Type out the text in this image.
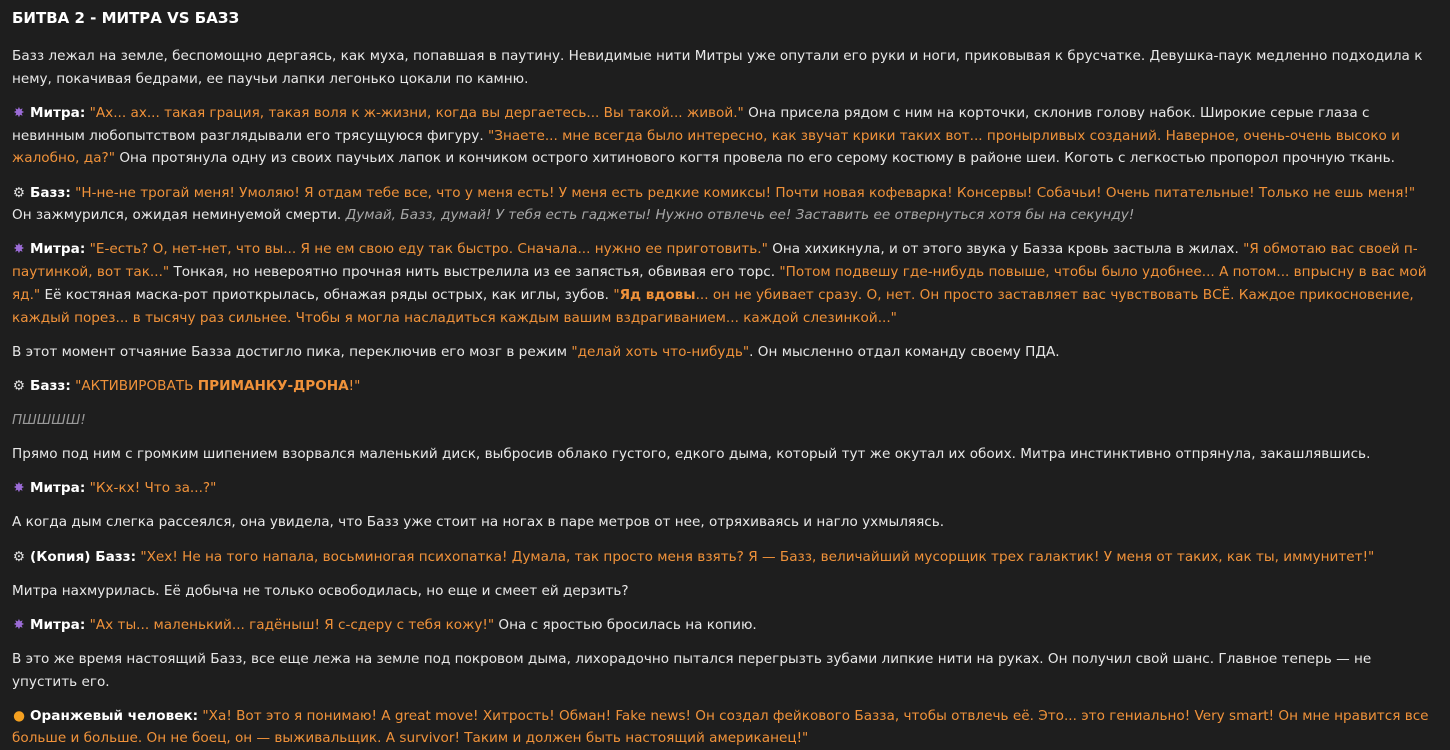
БИТВА 2 - МИТРА VS БАЗЗ

Базз лежал на земле, беспомощно дергаясь, как муха, попавшая в паутину. Невидимые нити Митры уже опутали его руки и ноги, приковывая к брусчатке. Девушка-паук медленно подходила к нему, покачивая бедрами, ее паучьи лапки легонько цокали по камню.

✸ Митра: "Ах... ах... такая грация, такая воля к ж-жизни, когда вы дергаетесь... Вы такой... живой." Она присела рядом с ним на корточки, склонив голову набок. Широкие серые глаза с невинным любопытством разглядывали его трясущуюся фигуру. "Знаете... мне всегда было интересно, как звучат крики таких вот... пронырливых созданий. Наверное, очень-очень высоко и жалобно, да?" Она протянула одну из своих паучьих лапок и кончиком острого хитинового когтя провела по его серому костюму в районе шеи. Коготь с легкостью пропорол прочную ткань.

⚙ Базз: "Н-не-не трогай меня! Умоляю! Я отдам тебе все, что у меня есть! У меня есть редкие комиксы! Почти новая кофеварка! Консервы! Собачьи! Очень питательные! Только не ешь меня!" Он зажмурился, ожидая неминуемой смерти. Думай, Базз, думай! У тебя есть гаджеты! Нужно отвлечь ее! Заставить ее отвернуться хотя бы на секунду!

✸ Митра: "Е-есть? О, нет-нет, что вы... Я не ем свою еду так быстро. Сначала... нужно ее приготовить." Она хихикнула, и от этого звука у Базза кровь застыла в жилах. "Я обмотаю вас своей п-паутинкой, вот так..." Тонкая, но невероятно прочная нить выстрелила из ее запястья, обвивая его торс. "Потом подвешу где-нибудь повыше, чтобы было удобнее... А потом... впрысну в вас мой яд." Её костяная маска-рот приоткрылась, обнажая ряды острых, как иглы, зубов. "Яд вдовы... он не убивает сразу. О, нет. Он просто заставляет вас чувствовать ВСЁ. Каждое прикосновение, каждый порез... в тысячу раз сильнее. Чтобы я могла насладиться каждым вашим вздрагиванием... каждой слезинкой..."

В этот момент отчаяние Базза достигло пика, переключив его мозг в режим "делай хоть что-нибудь". Он мысленно отдал команду своему ПДА.

⚙ Базз: "АКТИВИРОВАТЬ ПРИМАНКУ-ДРОНА!"

ПШШШШ!

Прямо под ним с громким шипением взорвался маленький диск, выбросив облако густого, едкого дыма, который тут же окутал их обоих. Митра инстинктивно отпрянула, закашлявшись.

✸ Митра: "Кх-кх! Что за...?"

А когда дым слегка рассеялся, она увидела, что Базз уже стоит на ногах в паре метров от нее, отряхиваясь и нагло ухмыляясь.

⚙ (Копия) Базз: "Хех! Не на того напала, восьминогая психопатка! Думала, так просто меня взять? Я — Базз, величайший мусорщик трех галактик! У меня от таких, как ты, иммунитет!"

Митра нахмурилась. Её добыча не только освободилась, но еще и смеет ей дерзить?

✸ Митра: "Ах ты... маленький... гадёныш! Я с-сдеру с тебя кожу!" Она с яростью бросилась на копию.

В это же время настоящий Базз, все еще лежа на земле под покровом дыма, лихорадочно пытался перегрызть зубами липкие нити на руках. Он получил свой шанс. Главное теперь — не упустить его.

● Оранжевый человек: "Ха! Вот это я понимаю! A great move! Хитрость! Обман! Fake news! Он создал фейкового Базза, чтобы отвлечь её. Это... это гениально! Very smart! Он мне нравится все больше и больше. Он не боец, он — выживальщик. A survivor! Таким и должен быть настоящий американец!"
